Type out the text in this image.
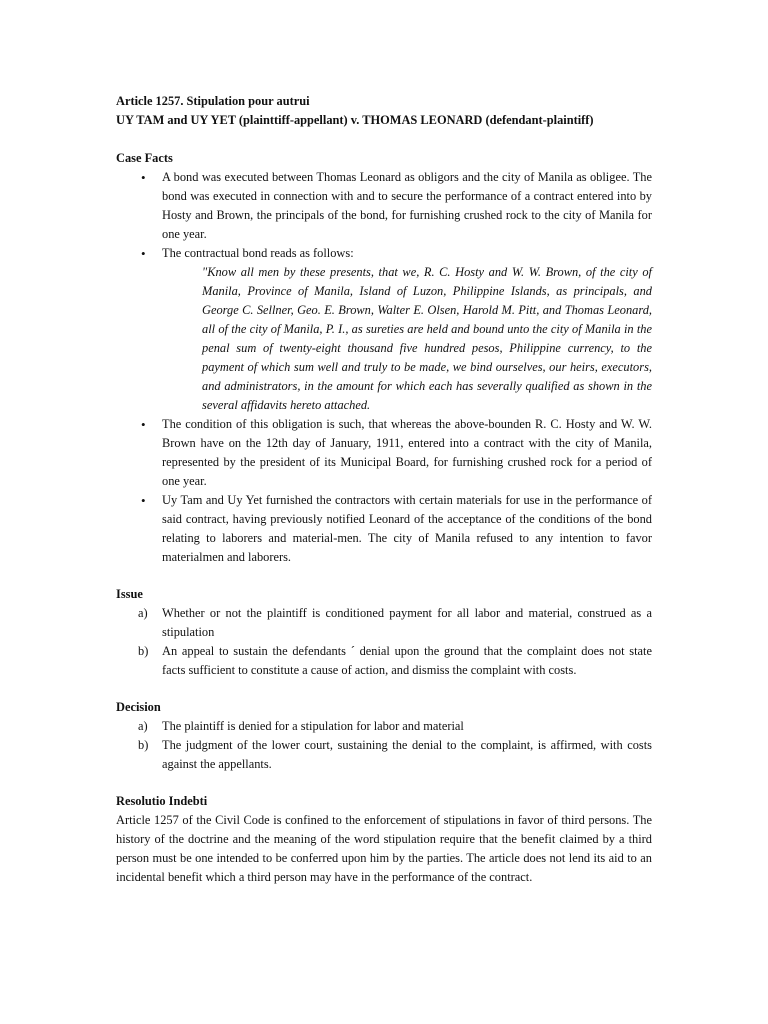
Article 1257. Stipulation pour autrui

UY TAM and UY YET (plainttiff-appellant) v. THOMAS LEONARD (defendant-plaintiff)

Case Facts

• A bond was executed between Thomas Leonard as obligors and the city of Manila as obligee. The bond was executed in connection with and to secure the performance of a contract entered into by Hosty and Brown, the principals of the bond, for furnishing crushed rock to the city of Manila for one year.
• The contractual bond reads as follows:

"Know all men by these presents, that we, R. C. Hosty and W. W. Brown, of the city of Manila, Province of Manila, Island of Luzon, Philippine Islands, as principals, and George C. Sellner, Geo. E. Brown, Walter E. Olsen, Harold M. Pitt, and Thomas Leonard, all of the city of Manila, P. I., as sureties are held and bound unto the city of Manila in the penal sum of twenty-eight thousand five hundred pesos, Philippine currency, to the payment of which sum well and truly to be made, we bind ourselves, our heirs, executors, and administrators, in the amount for which each has severally qualified as shown in the several affidavits hereto attached.

• The condition of this obligation is such, that whereas the above-bounden R. C. Hosty and W. W. Brown have on the 12th day of January, 1911, entered into a contract with the city of Manila, represented by the president of its Municipal Board, for furnishing crushed rock for a period of one year.
• Uy Tam and Uy Yet furnished the contractors with certain materials for use in the performance of said contract, having previously notified Leonard of the acceptance of the conditions of the bond relating to laborers and material-men. The city of Manila refused to any intention to favor materialmen and laborers.

Issue

a) Whether or not the plaintiff is conditioned payment for all labor and material, construed as a stipulation
b) An appeal to sustain the defendants ´ denial upon the ground that the complaint does not state facts sufficient to constitute a cause of action, and dismiss the complaint with costs.

Decision

a) The plaintiff is denied for a stipulation for labor and material
b) The judgment of the lower court, sustaining the denial to the complaint, is affirmed, with costs against the appellants.

Resolutio Indebti

Article 1257 of the Civil Code is confined to the enforcement of stipulations in favor of third persons. The history of the doctrine and the meaning of the word stipulation require that the benefit claimed by a third person must be one intended to be conferred upon him by the parties. The article does not lend its aid to an incidental benefit which a third person may have in the performance of the contract.
